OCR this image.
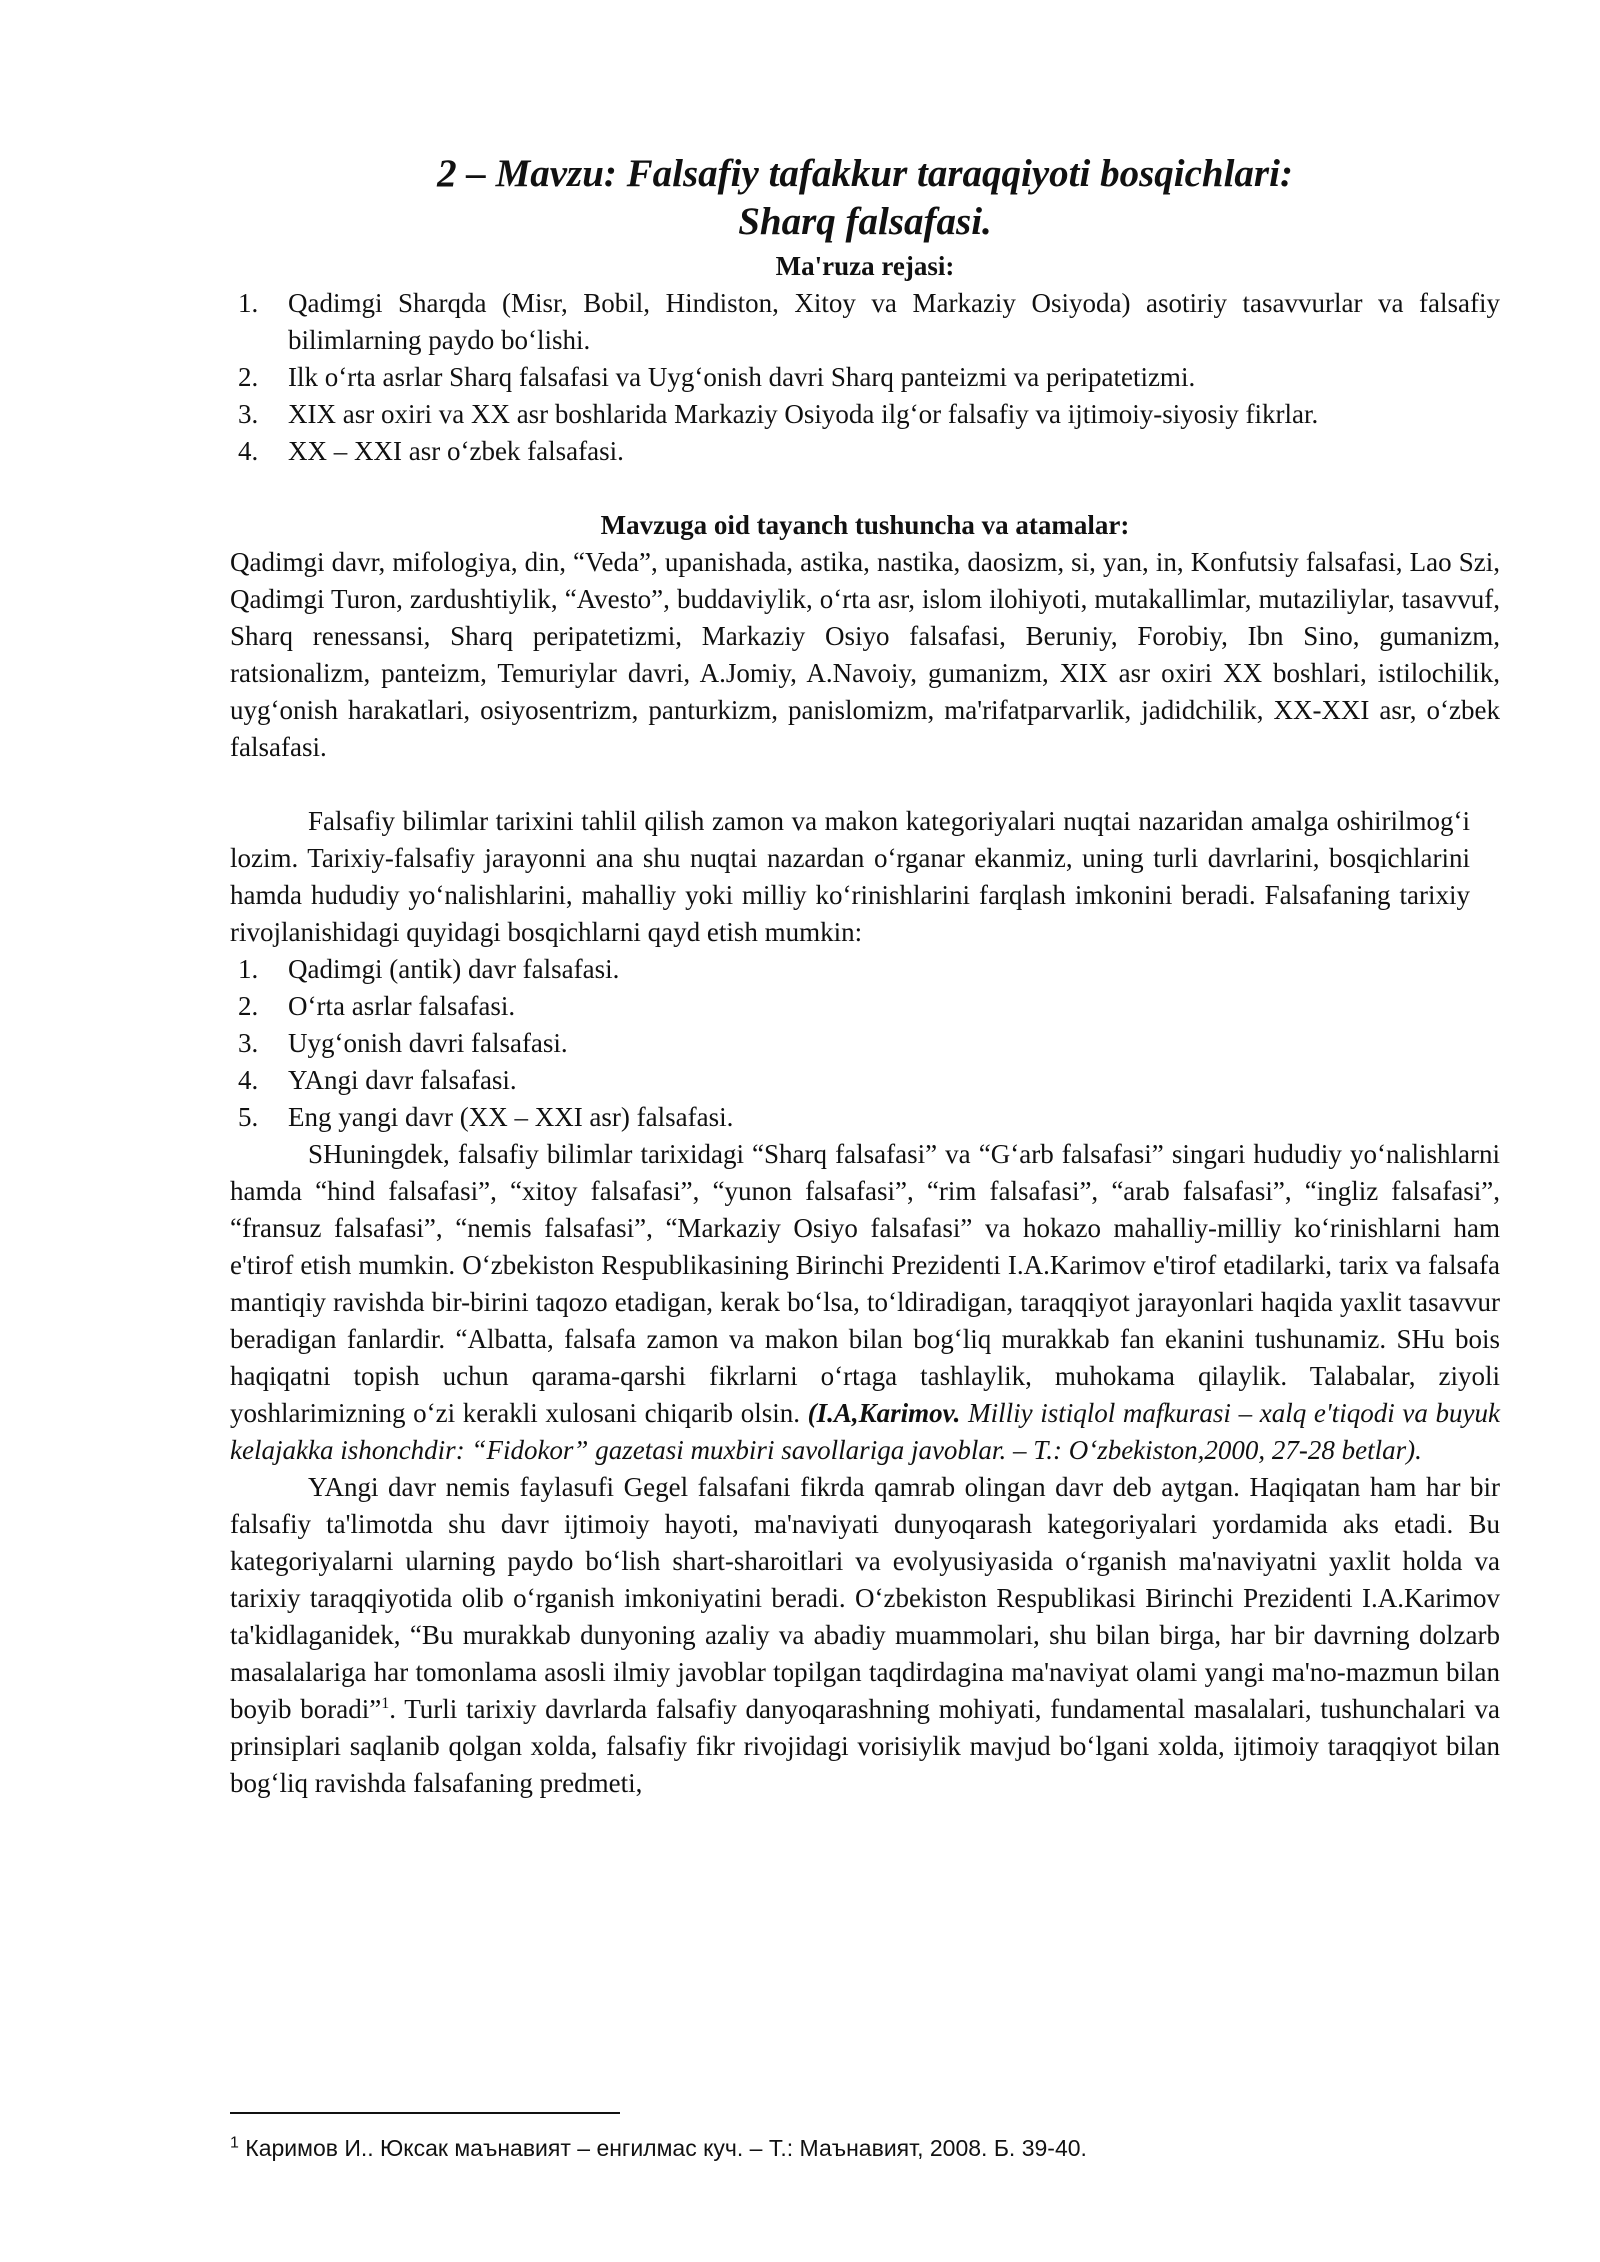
2 – Mavzu: Falsafiy tafakkur taraqqiyoti bosqichlari:
Sharq falsafasi.
Ma'ruza rejasi:
1.	Qadimgi Sharqda (Misr, Bobil, Hindiston, Xitoy va Markaziy Osiyoda) asotiriy tasavvurlar va falsafiy bilimlarning paydo bo‘lishi.
2.	Ilk o‘rta asrlar Sharq falsafasi va Uyg‘onish davri Sharq panteizmi va peripatetizmi.
3.	XIX asr oxiri va XX asr boshlarida Markaziy Osiyoda ilg‘or falsafiy va ijtimoiy-siyosiy fikrlar.
4.	XX – XXI asr o‘zbek falsafasi.
Mavzuga oid tayanch tushuncha va atamalar:

Qadimgi davr, mifologiya, din, “Veda”, upanishada, astika, nastika, daosizm, si, yan, in, Konfutsiy falsafasi, Lao Szi, Qadimgi Turon, zardushtiylik, “Avesto”, buddaviylik, o‘rta asr, islom ilohiyoti, mutakallimlar, mutaziliylar, tasavvuf, Sharq renessansi, Sharq peripatetizmi, Markaziy Osiyo falsafasi, Beruniy, Forobiy, Ibn Sino, gumanizm, ratsionalizm, panteizm, Temuriylar davri, A.Jomiy, A.Navoiy, gumanizm, XIX asr oxiri XX boshlari, istilochilik, uyg‘onish harakatlari, osiyosentrizm, panturkizm, panislomizm, ma'rifatparvarlik, jadidchilik, XX-XXI asr, o‘zbek falsafasi.

Falsafiy bilimlar tarixini tahlil qilish zamon va makon kategoriyalari nuqtai nazaridan amalga oshirilmog‘i lozim. Tarixiy-falsafiy jarayonni ana shu nuqtai nazardan o‘rganar ekanmiz, uning turli davrlarini, bosqichlarini hamda hududiy yo‘nalishlarini, mahalliy yoki milliy ko‘rinishlarini farqlash imkonini beradi. Falsafaning tarixiy rivojlanishidagi quyidagi bosqichlarni qayd etish mumkin:

1.	Qadimgi (antik) davr falsafasi.
2.	O‘rta asrlar falsafasi.
3.	Uyg‘onish davri falsafasi.
4.	YAngi davr falsafasi.
5.	Eng yangi davr (XX – XXI asr) falsafasi.

SHuningdek, falsafiy bilimlar tarixidagi “Sharq falsafasi” va “G‘arb falsafasi” singari hududiy yo‘nalishlarni hamda “hind falsafasi”, “xitoy falsafasi”, “yunon falsafasi”, “rim falsafasi”, “arab falsafasi”, “ingliz falsafasi”, “fransuz falsafasi”, “nemis falsafasi”, “Markaziy Osiyo falsafasi” va hokazo mahalliy-milliy ko‘rinishlarni ham e'tirof etish mumkin. O‘zbekiston Respublikasining Birinchi Prezidenti I.A.Karimov e'tirof etadilarki, tarix va falsafa mantiqiy ravishda bir-birini taqozo etadigan, kerak bo‘lsa, to‘ldiradigan, taraqqiyot jarayonlari haqida yaxlit tasavvur beradigan fanlardir. “Albatta, falsafa zamon va makon bilan bog‘liq murakkab fan ekanini tushunamiz. SHu bois haqiqatni topish uchun qarama-qarshi fikrlarni o‘rtaga tashlaylik, muhokama qilaylik. Talabalar, ziyoli yoshlarimizning o‘zi kerakli xulosani chiqarib olsin. (I.A,Karimov. Milliy istiqlol mafkurasi – xalq e'tiqodi va buyuk kelajakka ishonchdir: “Fidokor” gazetasi muxbiri savollariga javoblar. – T.: O‘zbekiston,2000, 27-28 betlar).

YAngi davr nemis faylasufi Gegel falsafani fikrda qamrab olingan davr deb aytgan. Haqiqatan ham har bir falsafiy ta'limotda shu davr ijtimoiy hayoti, ma'naviyati dunyoqarash kategoriyalari yordamida aks etadi. Bu kategoriyalarni ularning paydo bo‘lish shart-sharoitlari va evolyusiyasida o‘rganish ma'naviyatni yaxlit holda va tarixiy taraqqiyotida olib o‘rganish imkoniyatini beradi. O‘zbekiston Respublikasi Birinchi Prezidenti I.A.Karimov ta'kidlaganidek, “Bu murakkab dunyoning azaliy va abadiy muammolari, shu bilan birga, har bir davrning dolzarb masalalariga har tomonlama asosli ilmiy javoblar topilgan taqdirdagina ma'naviyat olami yangi ma'no-mazmun bilan boyib boradi”$^1$. Turli tarixiy davrlarda falsafiy danyoqarashning mohiyati, fundamental masalalari, tushunchalari va prinsiplari saqlanib qolgan xolda, falsafiy fikr rivojidagi vorisiylik mavjud bo‘lgani xolda, ijtimoiy taraqqiyot bilan bog‘liq ravishda falsafaning predmeti,

$^1$ Каримов И.. Юксак маънавият – енгилмас куч. – Т.: Маънавият, 2008. Б. 39-40.
